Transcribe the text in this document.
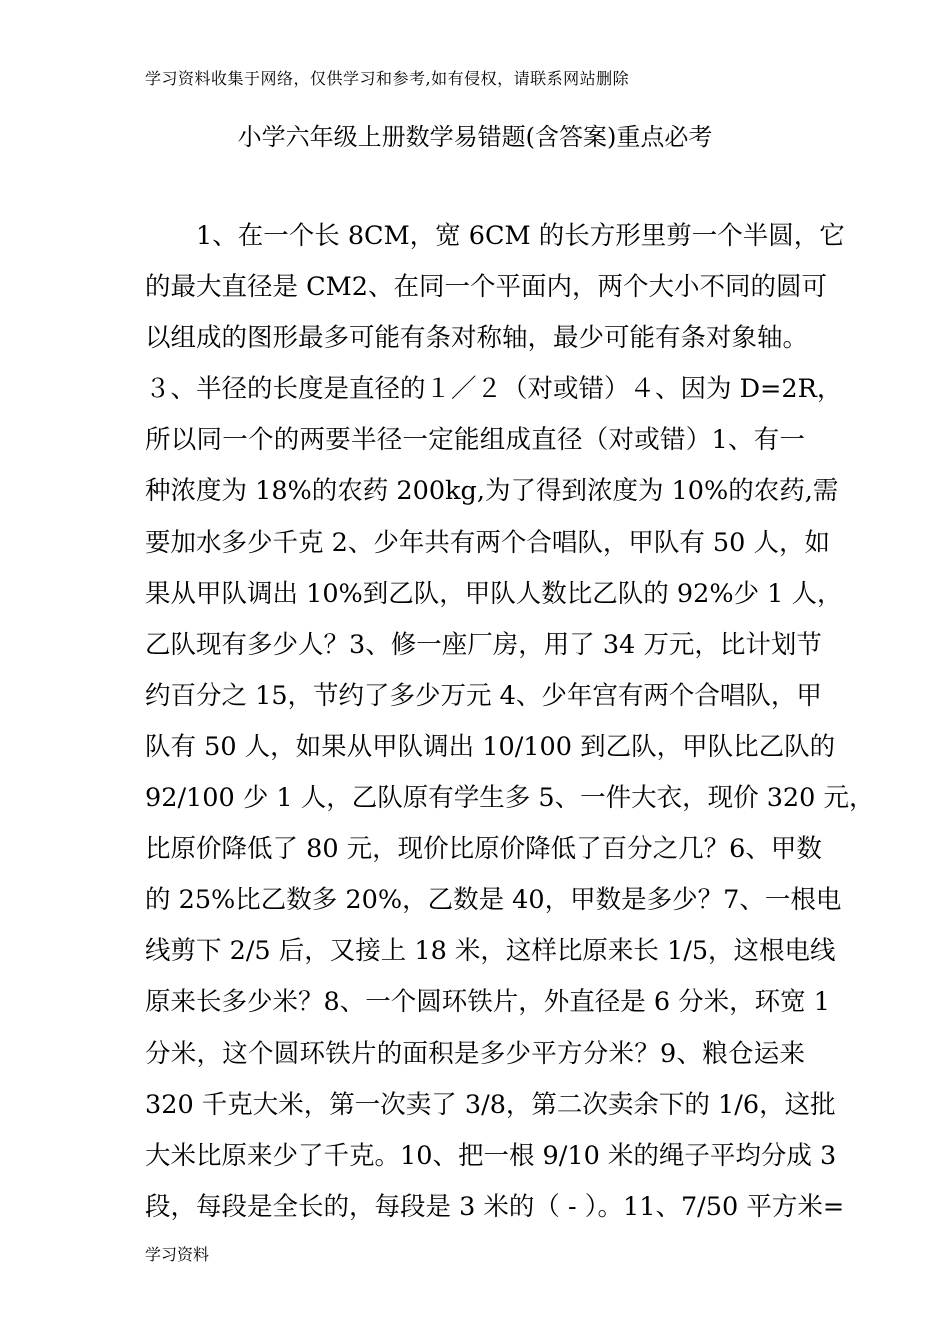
学习资料收集于网络，仅供学习和参考,如有侵权，请联系网站删除
小学六年级上册数学易错题(含答案)重点必考
1、在一个长 8CM，宽 6CM 的长方形里剪一个半圆，它
的最大直径是 CM2、在同一个平面内，两个大小不同的圆可
以组成的图形最多可能有条对称轴，最少可能有条对象轴。
３、半径的长度是直径的１／２（对或错）４、因为 D=2R，
所以同一个的两要半径一定能组成直径（对或错）1、有一
种浓度为 18%的农药 200kg,为了得到浓度为 10%的农药,需
要加水多少千克 2、少年共有两个合唱队，甲队有 50 人，如
果从甲队调出 10%到乙队，甲队人数比乙队的 92%少 1 人，
乙队现有多少人？3、修一座厂房，用了 34 万元，比计划节
约百分之 15，节约了多少万元 4、少年宫有两个合唱队，甲
队有 50 人，如果从甲队调出 10/100 到乙队，甲队比乙队的
92/100 少 1 人，乙队原有学生多 5、一件大衣，现价 320 元，
比原价降低了 80 元，现价比原价降低了百分之几？6、甲数
的 25%比乙数多 20%，乙数是 40，甲数是多少？7、一根电
线剪下 2/5 后，又接上 18 米，这样比原来长 1/5，这根电线
原来长多少米？8、一个圆环铁片，外直径是 6 分米，环宽 1
分米，这个圆环铁片的面积是多少平方分米？9、粮仓运来
320 千克大米，第一次卖了 3/8，第二次卖余下的 1/6，这批
大米比原来少了千克。10、把一根 9/10 米的绳子平均分成 3
段，每段是全长的，每段是 3 米的（ - ）。11、7/50 平方米=
学习资料
